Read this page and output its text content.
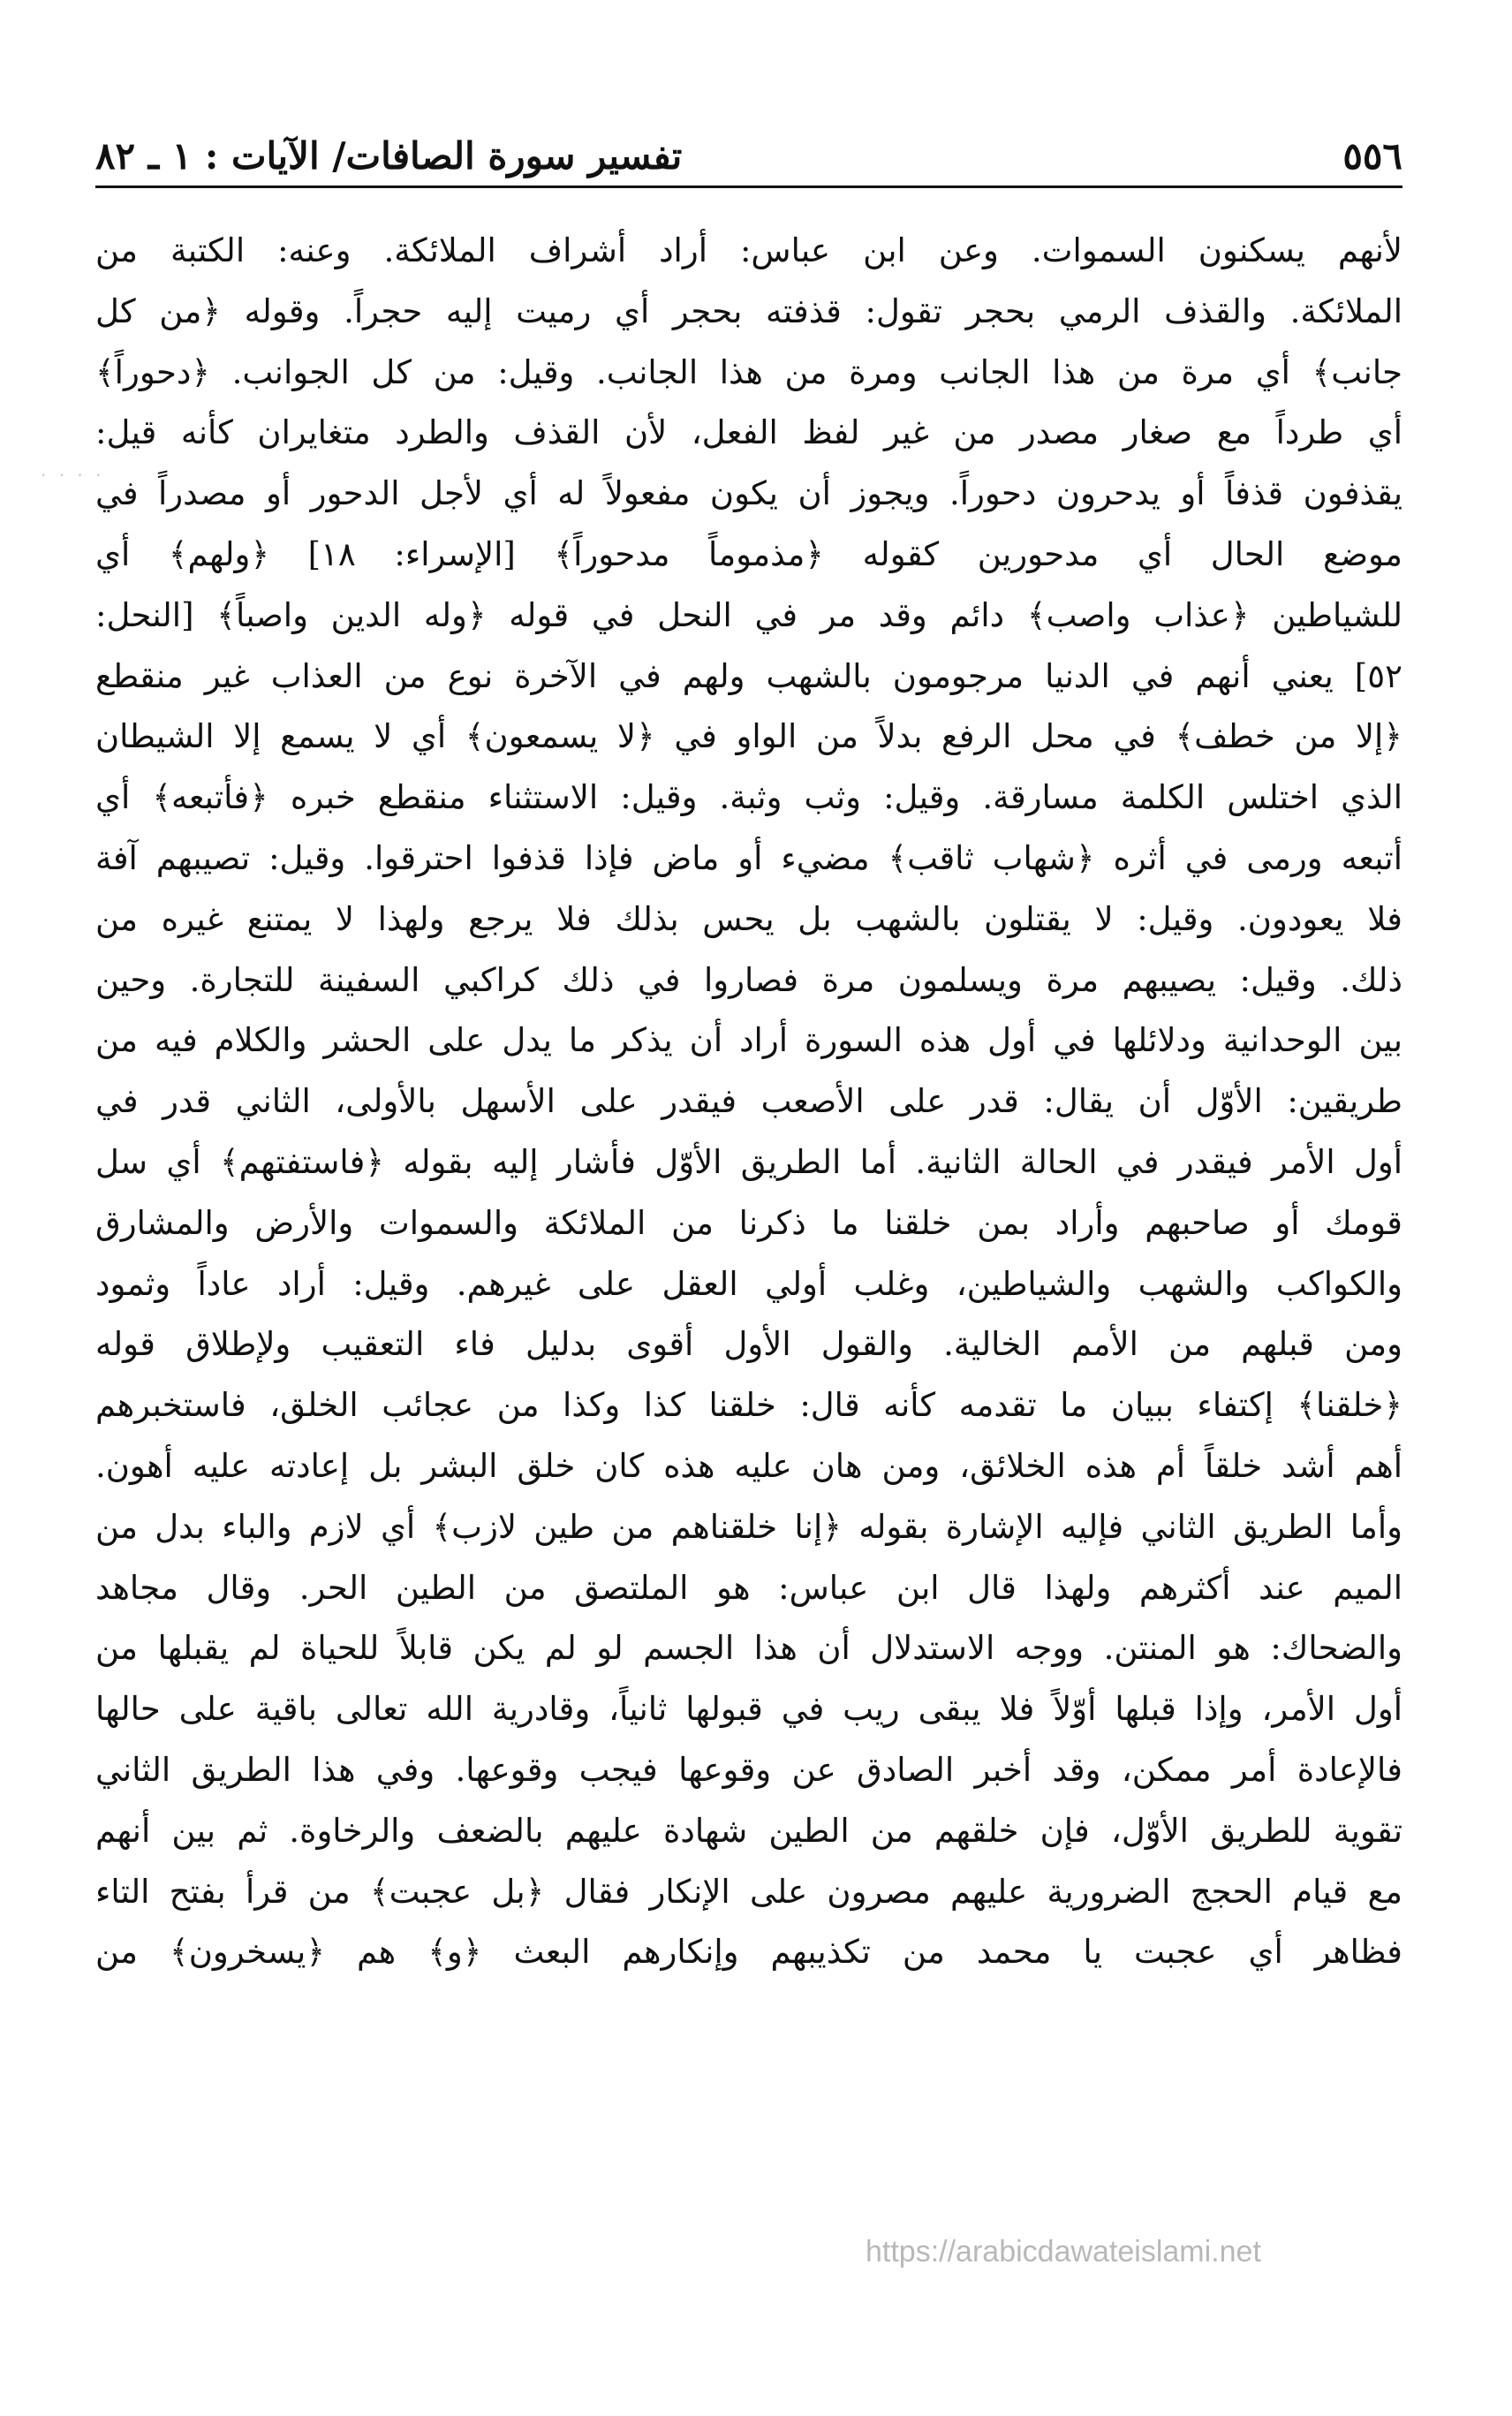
٥٥٦
تفسير سورة الصافات/ الآيات : ١ ـ ٨٢
. . . .
لأنهم يسكنون السموات. وعن ابن عباس: أراد أشراف الملائكة. وعنه: الكتبة من
الملائكة. والقذف الرمي بحجر تقول: قذفته بحجر أي رميت إليه حجراً. وقوله ﴿من كل
جانب﴾ أي مرة من هذا الجانب ومرة من هذا الجانب. وقيل: من كل الجوانب. ﴿دحوراً﴾
أي طرداً مع صغار مصدر من غير لفظ الفعل، لأن القذف والطرد متغايران كأنه قيل:
يقذفون قذفاً أو يدحرون دحوراً. ويجوز أن يكون مفعولاً له أي لأجل الدحور أو مصدراً في
موضع الحال أي مدحورين كقوله ﴿مذموماً مدحوراً﴾ [الإسراء: ١٨] ﴿ولهم﴾ أي
للشياطين ﴿عذاب واصب﴾ دائم وقد مر في النحل في قوله ﴿وله الدين واصباً﴾ [النحل:
٥٢] يعني أنهم في الدنيا مرجومون بالشهب ولهم في الآخرة نوع من العذاب غير منقطع
﴿إلا من خطف﴾ في محل الرفع بدلاً من الواو في ﴿لا يسمعون﴾ أي لا يسمع إلا الشيطان
الذي اختلس الكلمة مسارقة. وقيل: وثب وثبة. وقيل: الاستثناء منقطع خبره ﴿فأتبعه﴾ أي
أتبعه ورمى في أثره ﴿شهاب ثاقب﴾ مضيء أو ماض فإذا قذفوا احترقوا. وقيل: تصيبهم آفة
فلا يعودون. وقيل: لا يقتلون بالشهب بل يحس بذلك فلا يرجع ولهذا لا يمتنع غيره من
ذلك. وقيل: يصيبهم مرة ويسلمون مرة فصاروا في ذلك كراكبي السفينة للتجارة. وحين
بين الوحدانية ودلائلها في أول هذه السورة أراد أن يذكر ما يدل على الحشر والكلام فيه من
طريقين: الأوّل أن يقال: قدر على الأصعب فيقدر على الأسهل بالأولى، الثاني قدر في
أول الأمر فيقدر في الحالة الثانية. أما الطريق الأوّل فأشار إليه بقوله ﴿فاستفتهم﴾ أي سل
قومك أو صاحبهم وأراد بمن خلقنا ما ذكرنا من الملائكة والسموات والأرض والمشارق
والكواكب والشهب والشياطين، وغلب أولي العقل على غيرهم. وقيل: أراد عاداً وثمود
ومن قبلهم من الأمم الخالية. والقول الأول أقوى بدليل فاء التعقيب ولإطلاق قوله
﴿خلقنا﴾ إكتفاء ببيان ما تقدمه كأنه قال: خلقنا كذا وكذا من عجائب الخلق، فاستخبرهم
أهم أشد خلقاً أم هذه الخلائق، ومن هان عليه هذه كان خلق البشر بل إعادته عليه أهون.
وأما الطريق الثاني فإليه الإشارة بقوله ﴿إنا خلقناهم من طين لازب﴾ أي لازم والباء بدل من
الميم عند أكثرهم ولهذا قال ابن عباس: هو الملتصق من الطين الحر. وقال مجاهد
والضحاك: هو المنتن. ووجه الاستدلال أن هذا الجسم لو لم يكن قابلاً للحياة لم يقبلها من
أول الأمر، وإذا قبلها أوّلاً فلا يبقى ريب في قبولها ثانياً، وقادرية الله تعالى باقية على حالها
فالإعادة أمر ممكن، وقد أخبر الصادق عن وقوعها فيجب وقوعها. وفي هذا الطريق الثاني
تقوية للطريق الأوّل، فإن خلقهم من الطين شهادة عليهم بالضعف والرخاوة. ثم بين أنهم
مع قيام الحجج الضرورية عليهم مصرون على الإنكار فقال ﴿بل عجبت﴾ من قرأ بفتح التاء
فظاهر أي عجبت يا محمد من تكذيبهم وإنكارهم البعث ﴿و﴾ هم ﴿يسخرون﴾ من
https://arabicdawateislami.net
